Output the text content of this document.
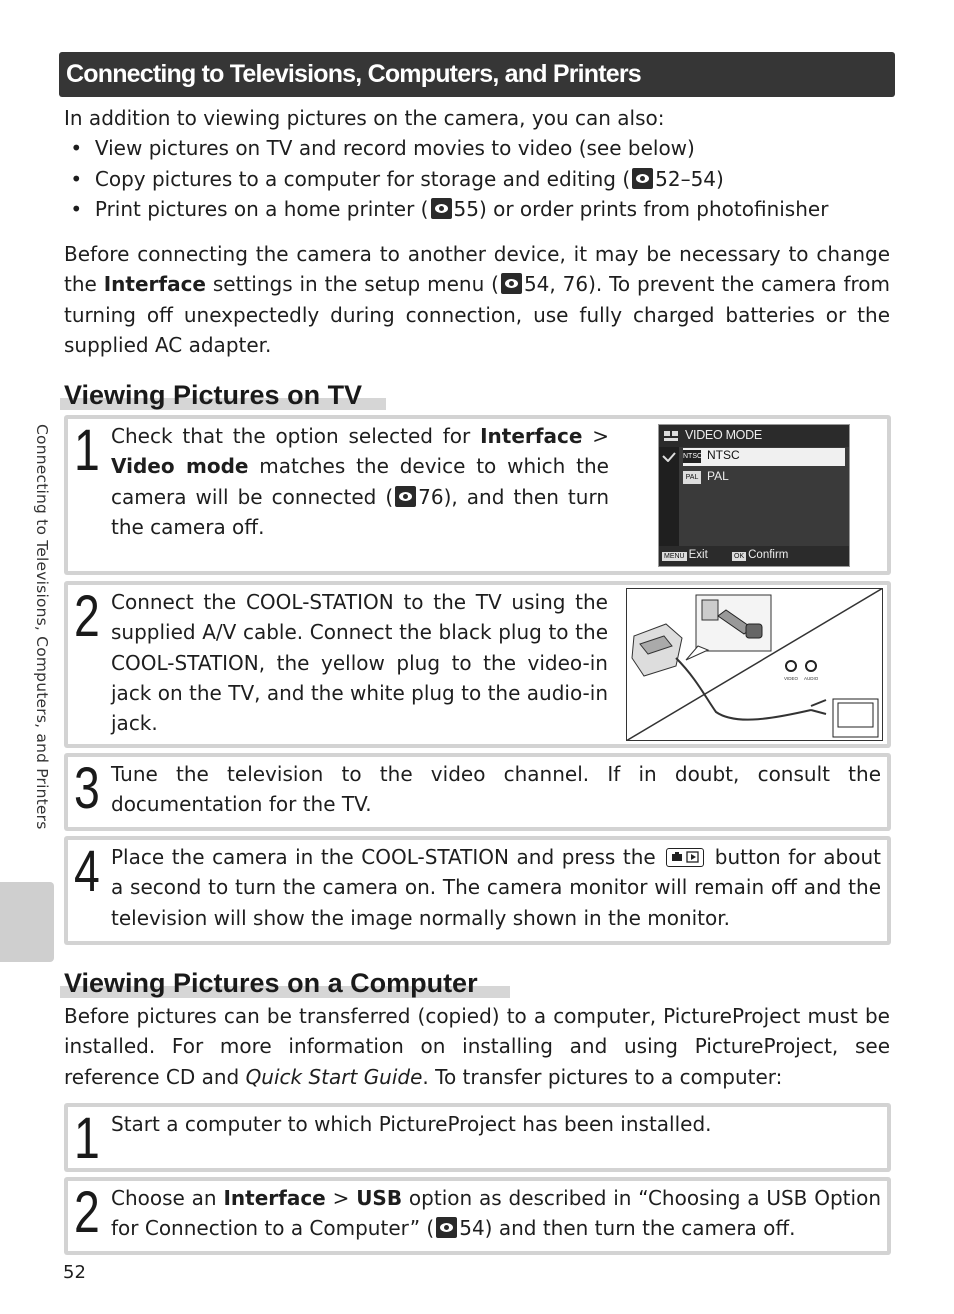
Connecting to Televisions, Computers, and Printers
In addition to viewing pictures on the camera, you can also:
•  View pictures on TV and record movies to video (see below)
•  Copy pictures to a computer for storage and editing ( 52–54)
•  Print pictures on a home printer ( 55) or order prints from photofinisher
Before connecting the camera to another device, it may be necessary to change the Interface settings in the setup menu ( 54, 76). To prevent the camera from turning off unexpectedly during connection, use fully charged batteries or the supplied AC adapter.
Viewing Pictures on TV
1 Check that the option selected for Interface > Video mode matches the device to which the camera will be connected ( 76), and then turn the camera off.
VIDEO MODE
NTSC NTSC
PAL PAL
MENU Exit	OK Confirm
2 Connect the COOL-STATION to the TV using the supplied A/V cable. Connect the black plug to the COOL-STATION, the yellow plug to the video-in jack on the TV, and the white plug to the audio-in jack.
VIDEO AUDIO
3 Tune the television to the video channel. If in doubt, consult the documentation for the TV.
4 Place the camera in the COOL-STATION and press the
button for about a second to turn the camera on. The camera monitor will remain off and the television will show the image normally shown in the monitor.
Viewing Pictures on a Computer
Before pictures can be transferred (copied) to a computer, PictureProject must be installed. For more information on installing and using PictureProject, see reference CD and Quick Start Guide. To transfer pictures to a computer:
1 Start a computer to which PictureProject has been installed.
2 Choose an Interface > USB option as described in “Choosing a USB Option for Connection to a Computer” ( 54) and then turn the camera off.
Connecting to Televisions, Computers, and Printers
52
